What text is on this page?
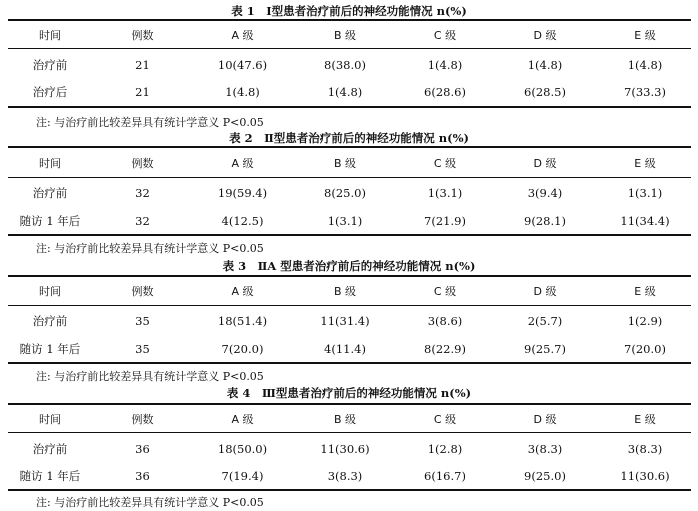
表 1　Ⅰ型患者治疗前后的神经功能情况 n(%)
时间	例数	A 级	B 级	C 级	D 级	E 级
治疗前	21	10(47.6)	8(38.0)	1(4.8)	1(4.8)	1(4.8)
治疗后	21	1(4.8)	1(4.8)	6(28.6)	6(28.5)	7(33.3)
注: 与治疗前比较差异具有统计学意义 P<0.05
表 2　Ⅱ型患者治疗前后的神经功能情况 n(%)
时间	例数	A 级	B 级	C 级	D 级	E 级
治疗前	32	19(59.4)	8(25.0)	1(3.1)	3(9.4)	1(3.1)
随访 1 年后	32	4(12.5)	1(3.1)	7(21.9)	9(28.1)	11(34.4)
注: 与治疗前比较差异具有统计学意义 P<0.05
表 3　ⅡA 型患者治疗前后的神经功能情况 n(%)
时间	例数	A 级	B 级	C 级	D 级	E 级
治疗前	35	18(51.4)	11(31.4)	3(8.6)	2(5.7)	1(2.9)
随访 1 年后	35	7(20.0)	4(11.4)	8(22.9)	9(25.7)	7(20.0)
注: 与治疗前比较差异具有统计学意义 P<0.05
表 4　Ⅲ型患者治疗前后的神经功能情况 n(%)
时间	例数	A 级	B 级	C 级	D 级	E 级
治疗前	36	18(50.0)	11(30.6)	1(2.8)	3(8.3)	3(8.3)
随访 1 年后	36	7(19.4)	3(8.3)	6(16.7)	9(25.0)	11(30.6)
注: 与治疗前比较差异具有统计学意义 P<0.05
